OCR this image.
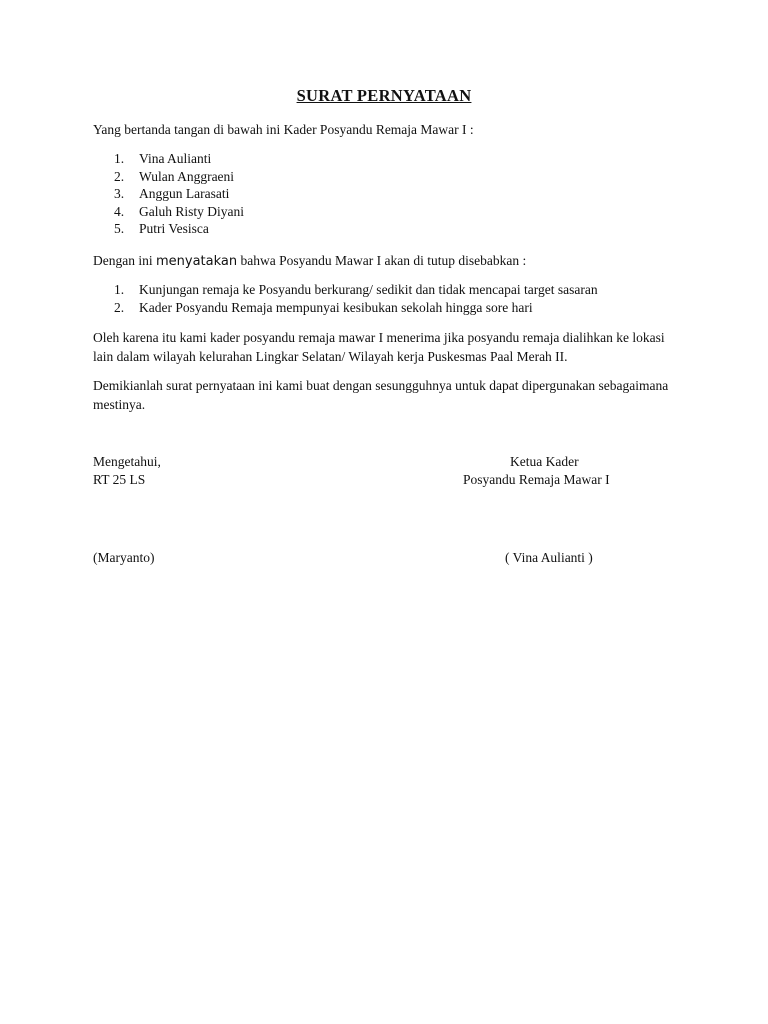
SURAT PERNYATAAN
Yang bertanda tangan di bawah ini Kader Posyandu Remaja Mawar I :
1. Vina Aulianti
2. Wulan Anggraeni
3. Anggun Larasati
4. Galuh Risty Diyani
5. Putri Vesisca
Dengan ini menyatakan bahwa Posyandu Mawar I akan di tutup disebabkan :
1. Kunjungan remaja ke Posyandu berkurang/ sedikit dan tidak mencapai target sasaran
2. Kader Posyandu Remaja mempunyai kesibukan sekolah hingga sore hari
Oleh karena itu kami kader posyandu remaja mawar I menerima jika posyandu remaja dialihkan ke lokasi lain dalam wilayah kelurahan Lingkar Selatan/ Wilayah kerja Puskesmas Paal Merah II.
Demikianlah surat pernyataan ini kami buat dengan sesungguhnya untuk dapat dipergunakan sebagaimana mestinya.
Mengetahui,
RT 25 LS
Ketua Kader
Posyandu Remaja Mawar I
(Maryanto)	( Vina Aulianti )
